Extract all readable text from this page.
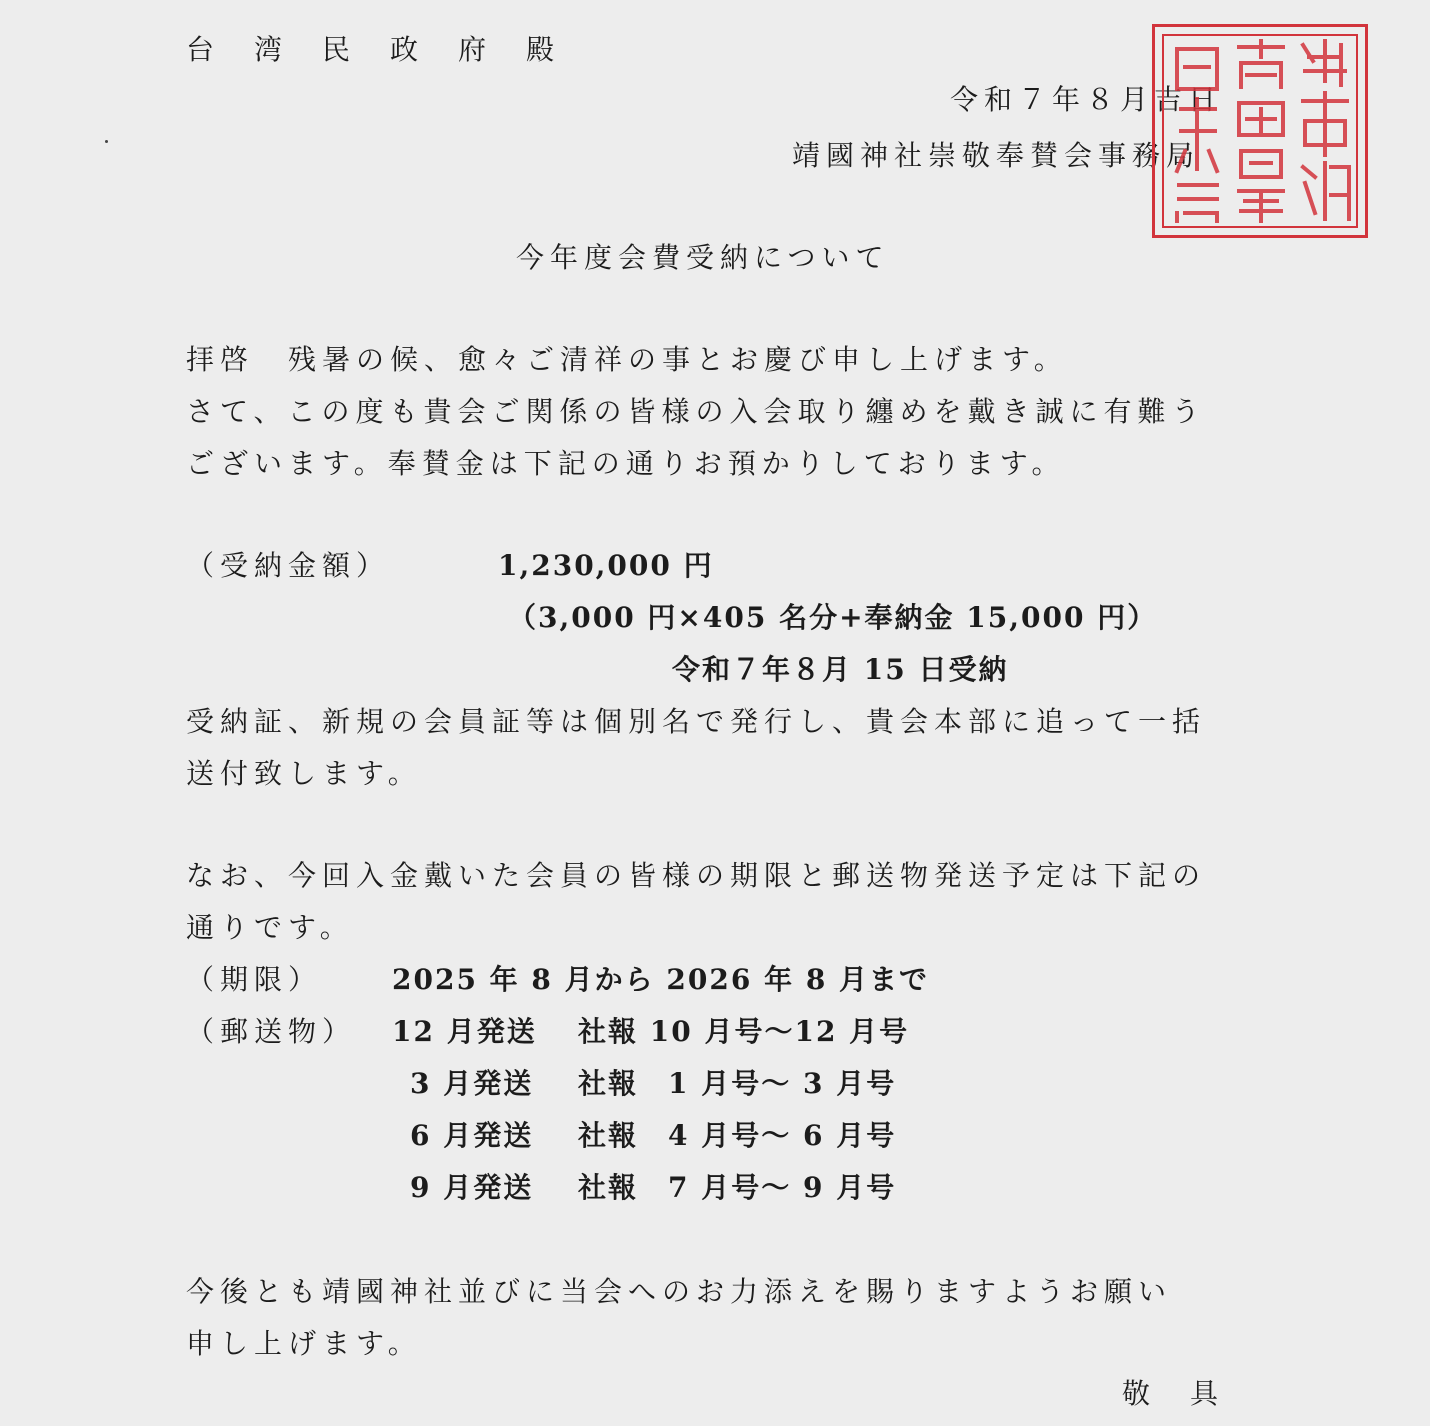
台　湾　民　政　府　殿
令和７年８月吉日
靖國神社崇敬奉賛会事務局
今年度会費受納について
拝啓　残暑の候、愈々ご清祥の事とお慶び申し上げます。
さて、この度も貴会ご関係の皆様の入会取り纏めを戴き誠に有難う
ございます。奉賛金は下記の通りお預かりしております。
（受納金額）	1,230,000 円
（3,000 円×405 名分+奉納金 15,000 円）
令和７年８月 15 日受納
受納証、新規の会員証等は個別名で発行し、貴会本部に追って一括
送付致します。
なお、今回入金戴いた会員の皆様の期限と郵送物発送予定は下記の
通りです。
（期限） 2025 年 8 月から 2026 年 8 月まで
（郵送物） 12 月発送 社報 10 月号～12 月号
3 月発送 社報　1 月号～ 3 月号
6 月発送 社報　4 月号～ 6 月号
9 月発送 社報　7 月号～ 9 月号
今後とも靖國神社並びに当会へのお力添えを賜りますようお願い
申し上げます。
敬　具
